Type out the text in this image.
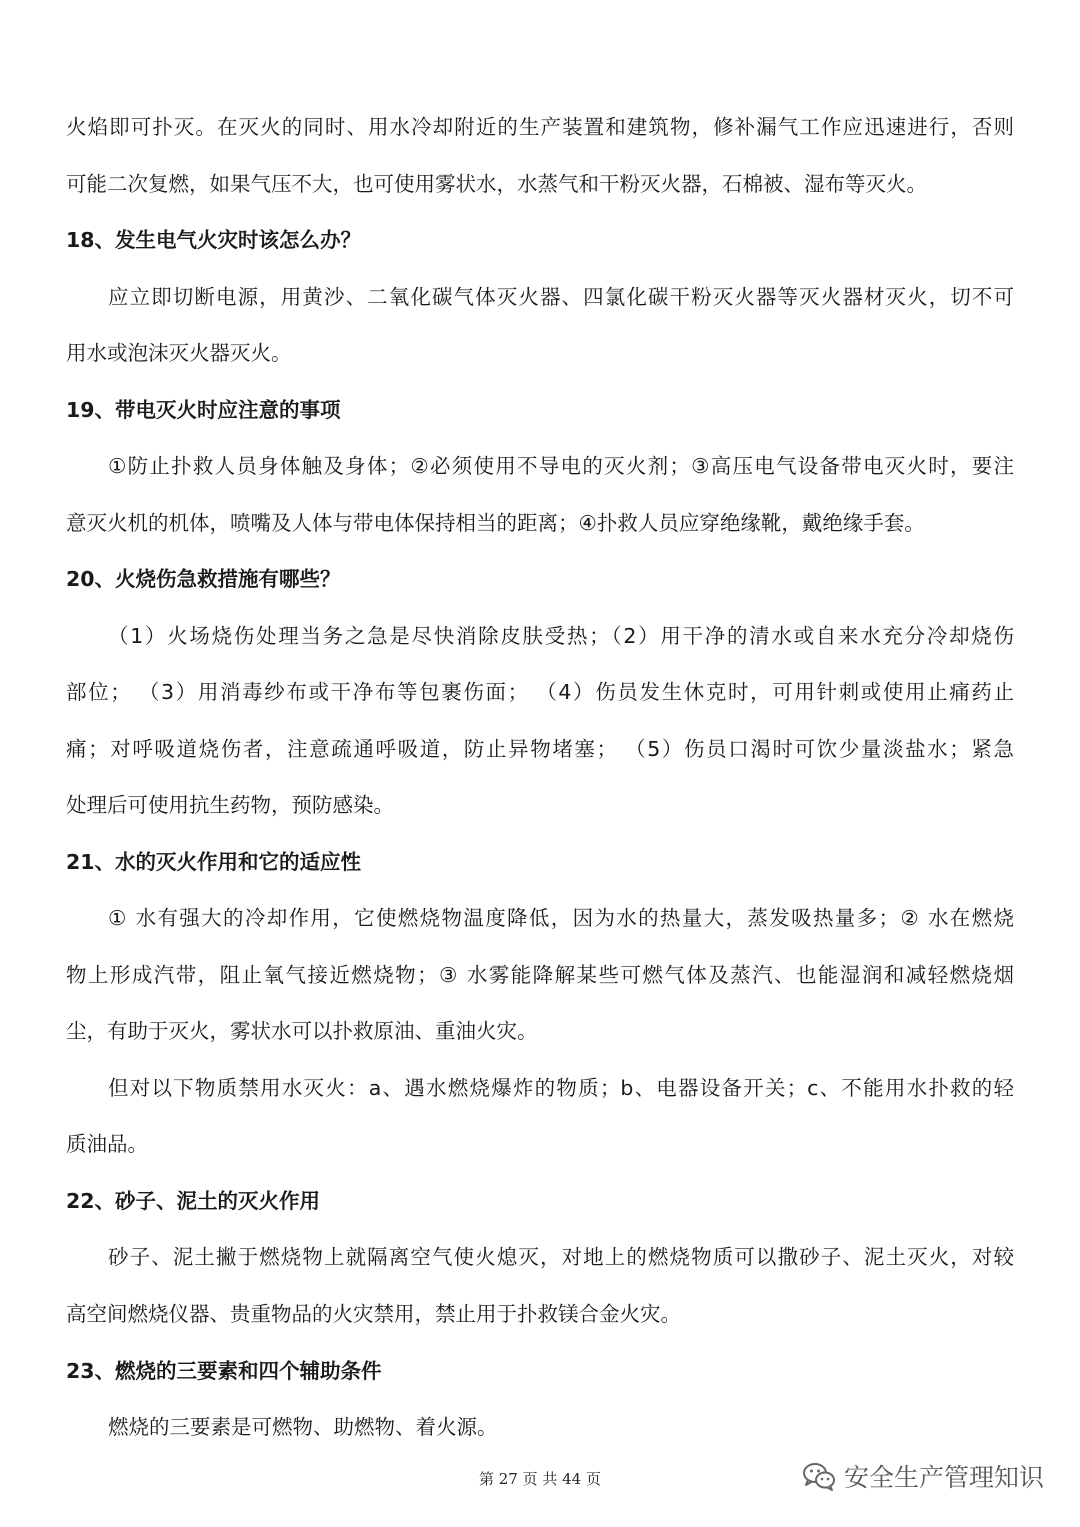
火焰即可扑灭。在灭火的同时、用水冷却附近的生产装置和建筑物，修补漏气工作应迅速进行，否则
可能二次复燃，如果气压不大，也可使用雾状水，水蒸气和干粉灭火器，石棉被、湿布等灭火。
18、发生电气火灾时该怎么办？
应立即切断电源，用黄沙、二氧化碳气体灭火器、四氯化碳干粉灭火器等灭火器材灭火，切不可
用水或泡沫灭火器灭火。
19、带电灭火时应注意的事项
①防止扑救人员身体触及身体；②必须使用不导电的灭火剂；③高压电气设备带电灭火时，要注
意灭火机的机体，喷嘴及人体与带电体保持相当的距离；④扑救人员应穿绝缘靴，戴绝缘手套。
20、火烧伤急救措施有哪些？
（1）火场烧伤处理当务之急是尽快消除皮肤受热；（2）用干净的清水或自来水充分冷却烧伤
部位； （3）用消毒纱布或干净布等包裹伤面； （4）伤员发生休克时，可用针刺或使用止痛药止
痛；对呼吸道烧伤者，注意疏通呼吸道，防止异物堵塞； （5）伤员口渴时可饮少量淡盐水；紧急
处理后可使用抗生药物，预防感染。
21、水的灭火作用和它的适应性
① 水有强大的冷却作用，它使燃烧物温度降低，因为水的热量大，蒸发吸热量多；② 水在燃烧
物上形成汽带，阻止氧气接近燃烧物；③ 水雾能降解某些可燃气体及蒸汽、也能湿润和减轻燃烧烟
尘，有助于灭火，雾状水可以扑救原油、重油火灾。
但对以下物质禁用水灭火：a、遇水燃烧爆炸的物质；b、电器设备开关；c、不能用水扑救的轻
质油品。
22、砂子、泥土的灭火作用
砂子、泥土撇于燃烧物上就隔离空气使火熄灭，对地上的燃烧物质可以撒砂子、泥土灭火，对较
高空间燃烧仪器、贵重物品的火灾禁用，禁止用于扑救镁合金火灾。
23、燃烧的三要素和四个辅助条件
燃烧的三要素是可燃物、助燃物、着火源。
第 27 页 共 44 页	安全生产管理知识
